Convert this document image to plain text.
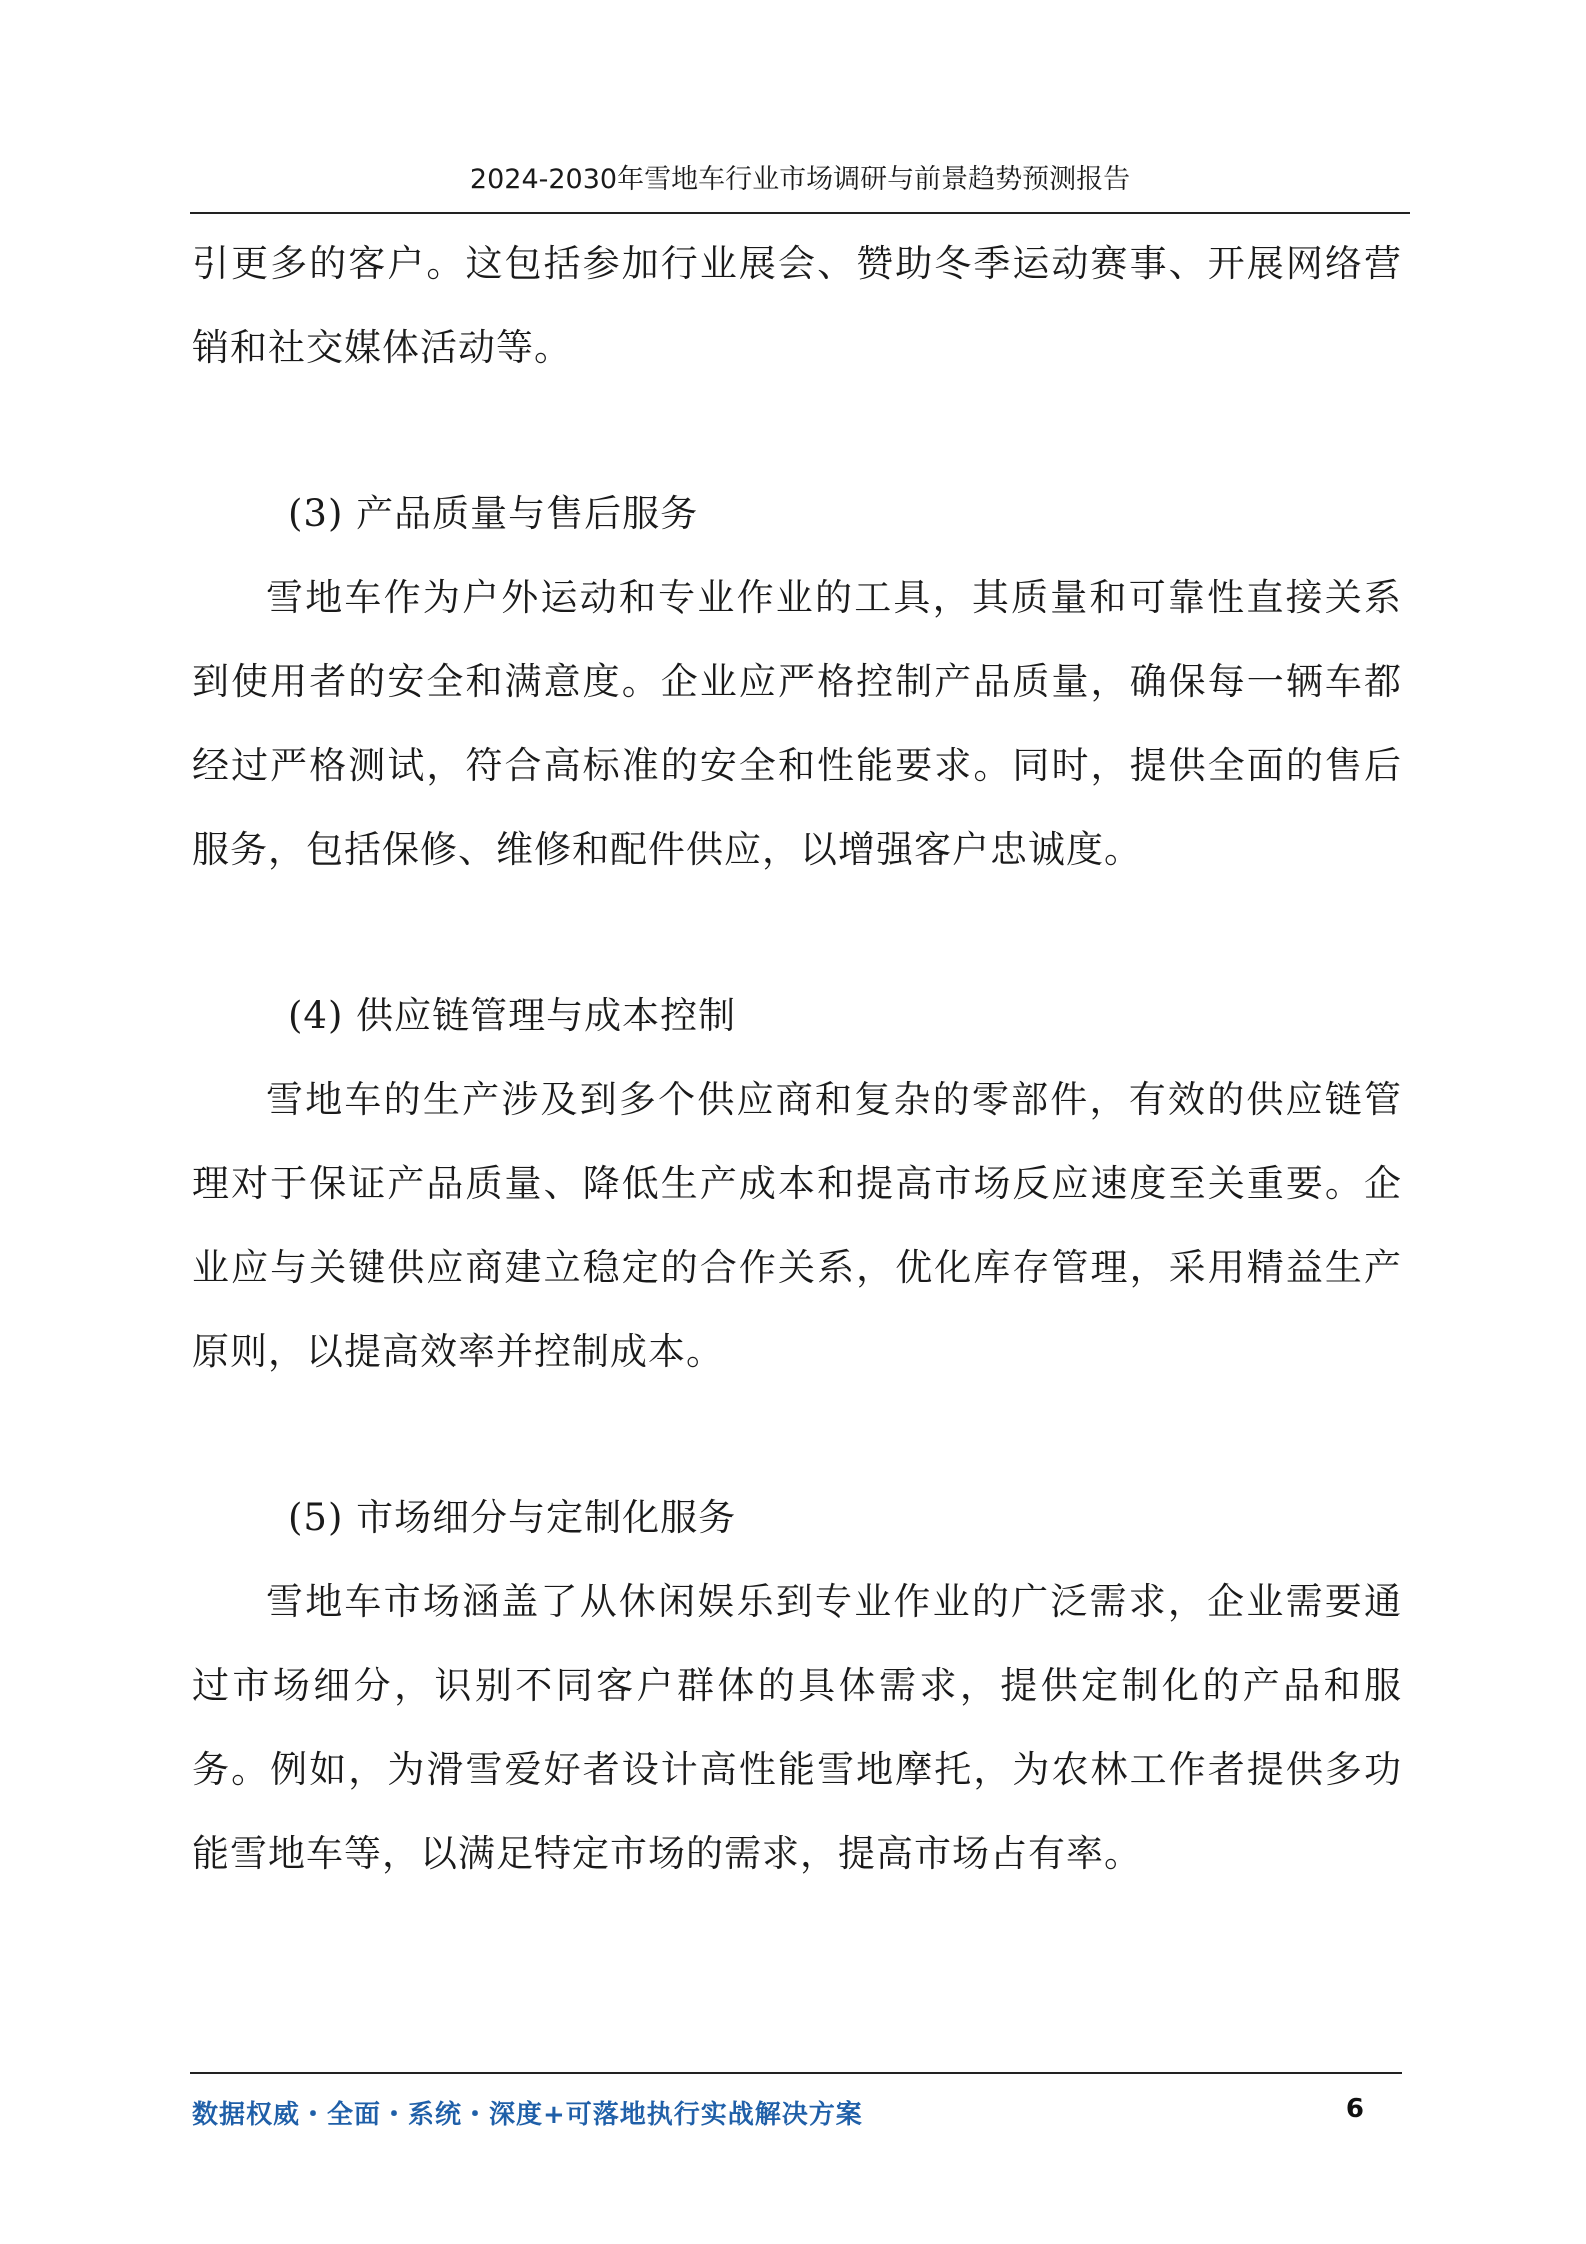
2024-2030年雪地车行业市场调研与前景趋势预测报告

引更多的客户。这包括参加行业展会、赞助冬季运动赛事、开展网络营销和社交媒体活动等。

(3) 产品质量与售后服务

雪地车作为户外运动和专业作业的工具，其质量和可靠性直接关系到使用者的安全和满意度。企业应严格控制产品质量，确保每一辆车都经过严格测试，符合高标准的安全和性能要求。同时，提供全面的售后服务，包括保修、维修和配件供应，以增强客户忠诚度。

(4) 供应链管理与成本控制

雪地车的生产涉及到多个供应商和复杂的零部件，有效的供应链管理对于保证产品质量、降低生产成本和提高市场反应速度至关重要。企业应与关键供应商建立稳定的合作关系，优化库存管理，采用精益生产原则，以提高效率并控制成本。

(5) 市场细分与定制化服务

雪地车市场涵盖了从休闲娱乐到专业作业的广泛需求，企业需要通过市场细分，识别不同客户群体的具体需求，提供定制化的产品和服务。例如，为滑雪爱好者设计高性能雪地摩托，为农林工作者提供多功能雪地车等，以满足特定市场的需求，提高市场占有率。

数据权威・全面・系统・深度+可落地执行实战解决方案	6
